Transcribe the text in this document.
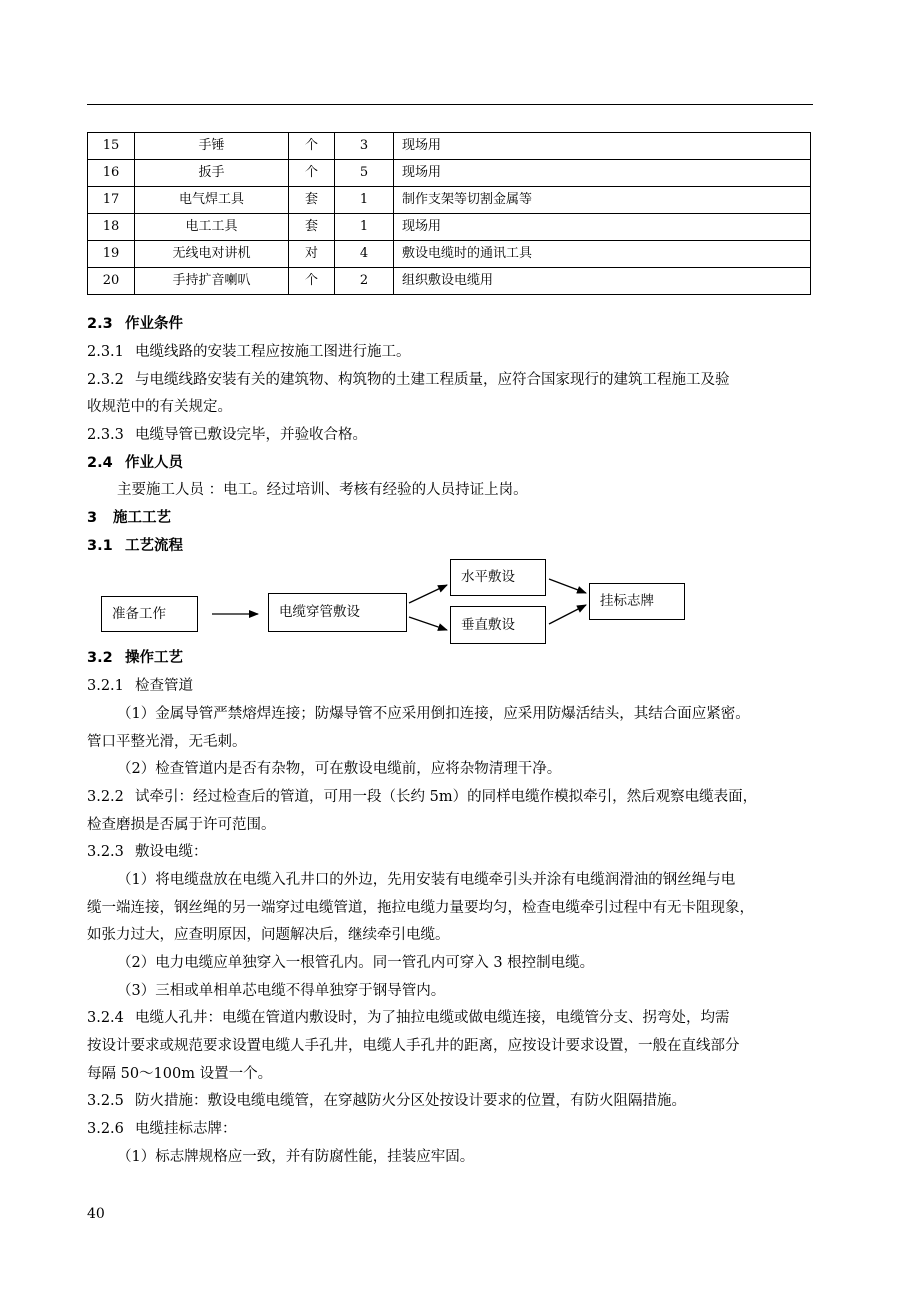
15	手锤	个	3	现场用
16	扳手	个	5	现场用
17	电气焊工具	套	1	制作支架等切割金属等
18	电工工具	套	1	现场用
19	无线电对讲机	对	4	敷设电缆时的通讯工具
20	手持扩音喇叭	个	2	组织敷设电缆用
2.3 作业条件
2.3.1 电缆线路的安装工程应按施工图进行施工。
2.3.2 与电缆线路安装有关的建筑物、构筑物的土建工程质量，应符合国家现行的建筑工程施工及验
收规范中的有关规定。
2.3.3 电缆导管已敷设完毕，并验收合格。
2.4 作业人员
主要施工人员 ：电工。经过培训、考核有经验的人员持证上岗。
3 施工工艺
3.1 工艺流程
准备工作	电缆穿管敷设
水平敷设
垂直敷设
挂标志牌
3.2 操作工艺
3.2.1 检查管道
（1）金属导管严禁熔焊连接；防爆导管不应采用倒扣连接，应采用防爆活结头，其结合面应紧密。
管口平整光滑，无毛刺。
（2）检查管道内是否有杂物，可在敷设电缆前，应将杂物清理干净。
3.2.2 试牵引：经过检查后的管道，可用一段（长约 5m）的同样电缆作模拟牵引，然后观察电缆表面，
检查磨损是否属于许可范围。
3.2.3 敷设电缆：
（1）将电缆盘放在电缆入孔井口的外边，先用安装有电缆牵引头并涂有电缆润滑油的钢丝绳与电
缆一端连接，钢丝绳的另一端穿过电缆管道，拖拉电缆力量要均匀，检查电缆牵引过程中有无卡阻现象，
如张力过大，应查明原因，问题解决后，继续牵引电缆。
（2）电力电缆应单独穿入一根管孔内。同一管孔内可穿入 3 根控制电缆。
（3）三相或单相单芯电缆不得单独穿于钢导管内。
3.2.4 电缆人孔井：电缆在管道内敷设时，为了抽拉电缆或做电缆连接，电缆管分支、拐弯处，均需
按设计要求或规范要求设置电缆人手孔井，电缆人手孔井的距离，应按设计要求设置，一般在直线部分
每隔 50～100m 设置一个。
3.2.5 防火措施：敷设电缆电缆管，在穿越防火分区处按设计要求的位置，有防火阻隔措施。
3.2.6 电缆挂标志牌：
（1）标志牌规格应一致，并有防腐性能，挂装应牢固。
40
